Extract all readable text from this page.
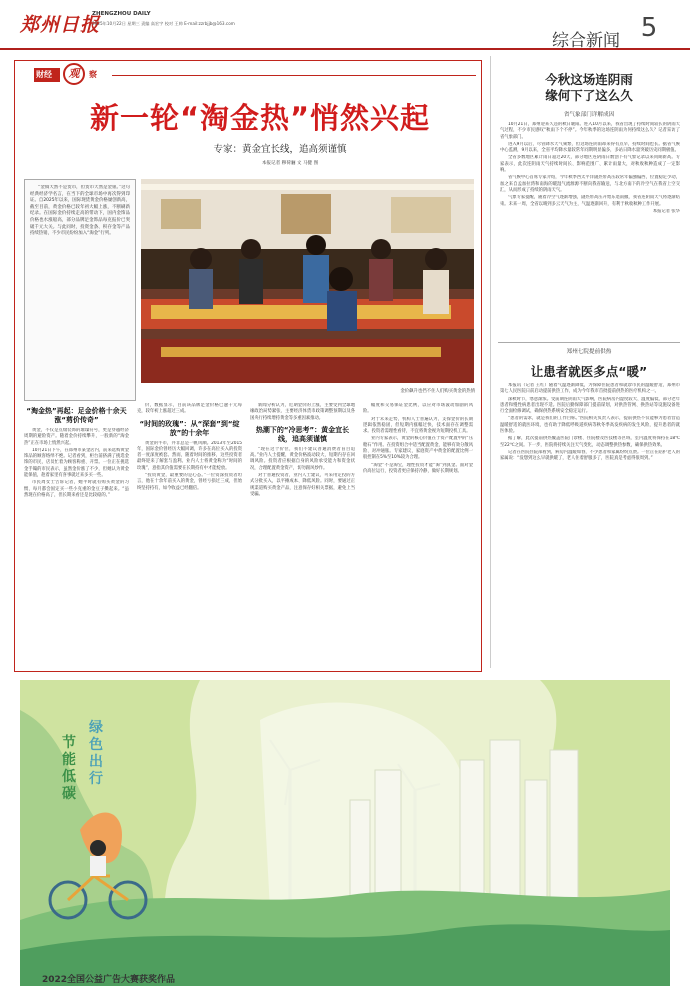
郑州日报
ZHENGZHOU DAILY
2025年10月22日 星期三 责编 高宏宇 校对 王帅 E-mail:zzrbjjb@163.com
综合新闻 5
财经	观	察
新一轮“淘金热”悄然兴起
专家：黄金宜长线，追高须谨慎
本报记者 穆荷骊 文 马健 图
“金價天然不是货币，但货币天然是金银。”这句经典经济学名言，在当下的全球市场中再次得到印证。自2025年以来，国际现货黄金价格屡创新高，截至目前，黄金价格已较年初大幅上涨，不断刷新纪录。在国际金价持续走高的带动下，国内金饰品价格也水涨船高，部分品牌足金饰品每克报价已突破千元大关。与此同时，投资金条、积存金等产品持续热销，不少市民纷纷加入“淘金”行列。
金价飙升也挡不住人们购买黄金的热情
“淘金热”再起：足金价格十余天涨“剪价传奇”
黄金，不仅是点缀装饰的璀璨符号，更是穿越经济周期的避险资产。随着金价持续攀升，一股新的“淘金热”正在市场上悄然兴起。
10月21日下午，在郑州市某金店内，前来选购黄金饰品的顾客络绎不绝。记者看到，柜台前挤满了挑选金饰的市民，店员忙着为顾客称重、开票。一位正在挑选金手镯的市民表示，虽然金价涨了不少，但她认为黄金能保值，趁着家里有喜事就过来多买一些。
市民周女士告诉记者，她平时就有购买黄金的习惯，每月都会固定买一些小克重的金豆子攒起来。“虽然现在价格高了，但长期来看还是比较稳的。”
价，数据显示，目前该品牌足金价格已逾千元每克，较年初上涨超过三成。
“时间的玫瑰”：从“深套”到“绽放”的十余年
黄金的牛市，并非总是一帆风顺。2013年至2015年，国际金价曾经历大幅回调，许多在高位买入的投资者一度深度被套。然而，随着时间的推移，这些投资者最终迎来了解套与盈利。业内人士将黄金称为“时间的玫瑰”，意指其价值需要在长期持有中才能绽放。
“投资黄金，最重要的是心态。”一位资深投资者坦言，他在十余年前买入的黄金，曾经亏损过三成，但始终坚持持有，如今收益已经翻倍。
新闻分析认为，近期金价的上涨，主要受到全球地缘政治局势紧张、主要经济体货币政策调整预期以及各国央行持续增持黄金等多重因素推动。
热潮下的“冷思考”：黄金宜长线，追高须谨慎
“现在这个价位，我们不建议普通消费者盲目追高。”业内人士提醒，黄金价格波动较大，短期内存在回调风险。投资者应根据自身的风险承受能力和资金状况，合理配置黄金资产，切勿跟风炒作。
对于普通投资者，业内人士建议，可采用定投的方式分批买入，以平摊成本、降低风险。同时，要通过正规渠道购买黄金产品，注意保存好相关票据，避免上当受骗。
幅度和交易保证金比例，以应对市场波动加剧的风险。
对于未来走势，机构人士普遍认为，支撑金价的长期逻辑依然稳固，但短期内涨幅过快，技术面存在调整需求。投资者需理性看待，不宜将黄金视为短期投机工具。
业内专家表示，黄金的核心价值在于资产配置中的“压舱石”作用。在投资组合中适当配置黄金，能够有效分散风险、对冲通胀。专家建议，家庭资产中黄金的配置比例一般控制在5%至10%较为合理。
“淘金”不是淘宝，理性投资才能“淘”到真金。面对金价高位运行，投资者更应保持冷静，做好长期规划。
今秋这场连阴雨
缘何下了这么久
省气象部门详解成因
10月21日，郑州迎来久违的秋日暖阳。进入10月以来，我省出现了持续时间较长的阴雨天气过程，不少市民感叹“秋雨下个不停”。今年秋季的这场连阴雨为何持续这么久？记者采访了省气象部门。
进入9月以后，尽管降水天气频繁，但这场连阴雨却来得有点早，持续时间也长。据省气候中心监测，9月以来，全省平均降水量较常年同期明显偏多，多站日降水量突破历史同期极值。
全省多数地区累计雨日超过20天，部分地区连阴雨日数创下有气象记录以来同期新高。专家表示，此次连阴雨天气持续时间长、影响范围广、累计雨量大，对秋收秋种造成了一定影响。
省气候中心首席专家介绍，今年秋季西太平洋副热带高压较常年偏强偏西，位置稳定少动，加之来自孟加拉湾和南海的暖湿气流源源不断向我省输送，与北方南下的冷空气在我省上空交汇，从而形成了持续的阴雨天气。
气象专家提醒，随着冷空气逐渐增强，副热带高压开始东退南撤，我省连阴雨天气将逐渐结束。未来一周，全省以晴到多云天气为主，气温逐渐回升，有利于秋收秋种工作开展。
本报记者 张华
郑州七院提前供热
让患者就医多点“暖”
本报讯（记者 王红）随着气温逐渐降低，为保障住院患者和就诊市民的温暖舒适，郑州市第七人民医院日前启动提前供热工作，成为今年我市首批提前供热的医疗机构之一。
深秋时节，寒意渐浓。受前期连阴雨天气影响，医院病房内湿度较大、温度偏低，部分老年患者和慢性病患者出现不适。医院后勤保障部门提前谋划，对供热管网、换热站等设施设备进行全面检修调试，确保供热系统安全稳定运行。
“患者的需求，就是我们的工作目标。”医院相关负责人表示，提前供热不仅能够为患者营造温暖舒适的就医环境，也有助于降低呼吸道疾病等秋冬季高发疾病的发生风险，提升患者的就医体验。
据了解，此次提前供热覆盖医院门诊楼、住院楼及医技楼等区域，室内温度将保持在18℃至22℃之间。下一步，医院将持续关注天气变化，动态调整供热参数，确保供热效果。
记者在医院住院部看到，病房内温暖如春，不少患者和家属纷纷点赞。一位正在陪护老人的家属说：“没想到这么早就供暖了，老人住着舒服多了，医院真是考虑得很周到。”
节能低碳
绿色出行
2022全国公益广告大赛获奖作品
